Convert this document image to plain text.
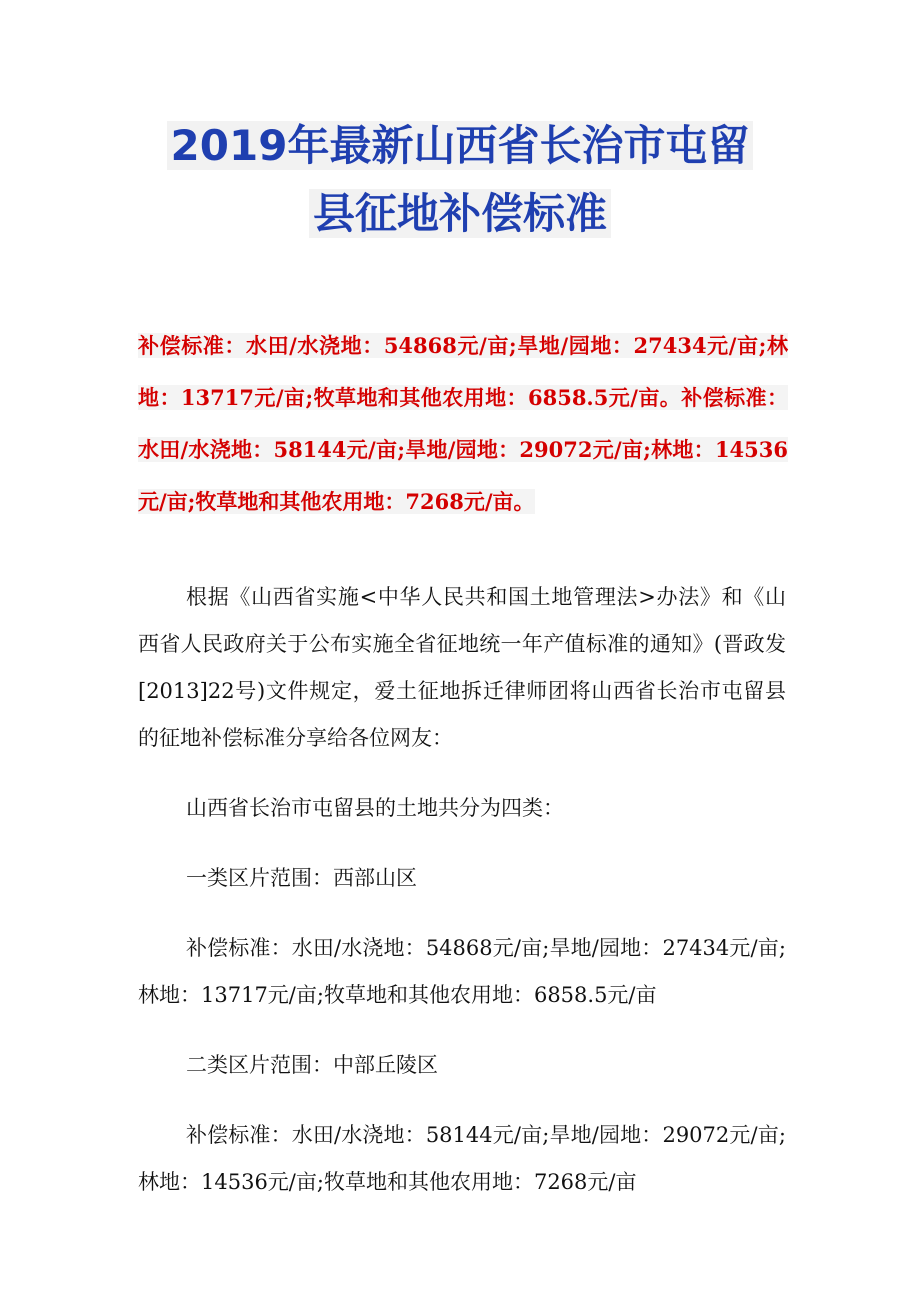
2019年最新山西省长治市屯留
县征地补偿标准
补偿标准：水田/水浇地：54868元/亩;旱地/园地：27434元/亩;林地：13717元/亩;牧草地和其他农用地：6858.5元/亩。补偿标准：水田/水浇地：58144元/亩;旱地/园地：29072元/亩;林地：14536元/亩;牧草地和其他农用地：7268元/亩。

根据《山西省实施<中华人民共和国土地管理法>办法》和《山西省人民政府关于公布实施全省征地统一年产值标准的通知》(晋政发[2013]22号)文件规定，爱土征地拆迁律师团将山西省长治市屯留县的征地补偿标准分享给各位网友：

山西省长治市屯留县的土地共分为四类：

一类区片范围：西部山区

补偿标准：水田/水浇地：54868元/亩;旱地/园地：27434元/亩;林地：13717元/亩;牧草地和其他农用地：6858.5元/亩

二类区片范围：中部丘陵区

补偿标准：水田/水浇地：58144元/亩;旱地/园地：29072元/亩;林地：14536元/亩;牧草地和其他农用地：7268元/亩
